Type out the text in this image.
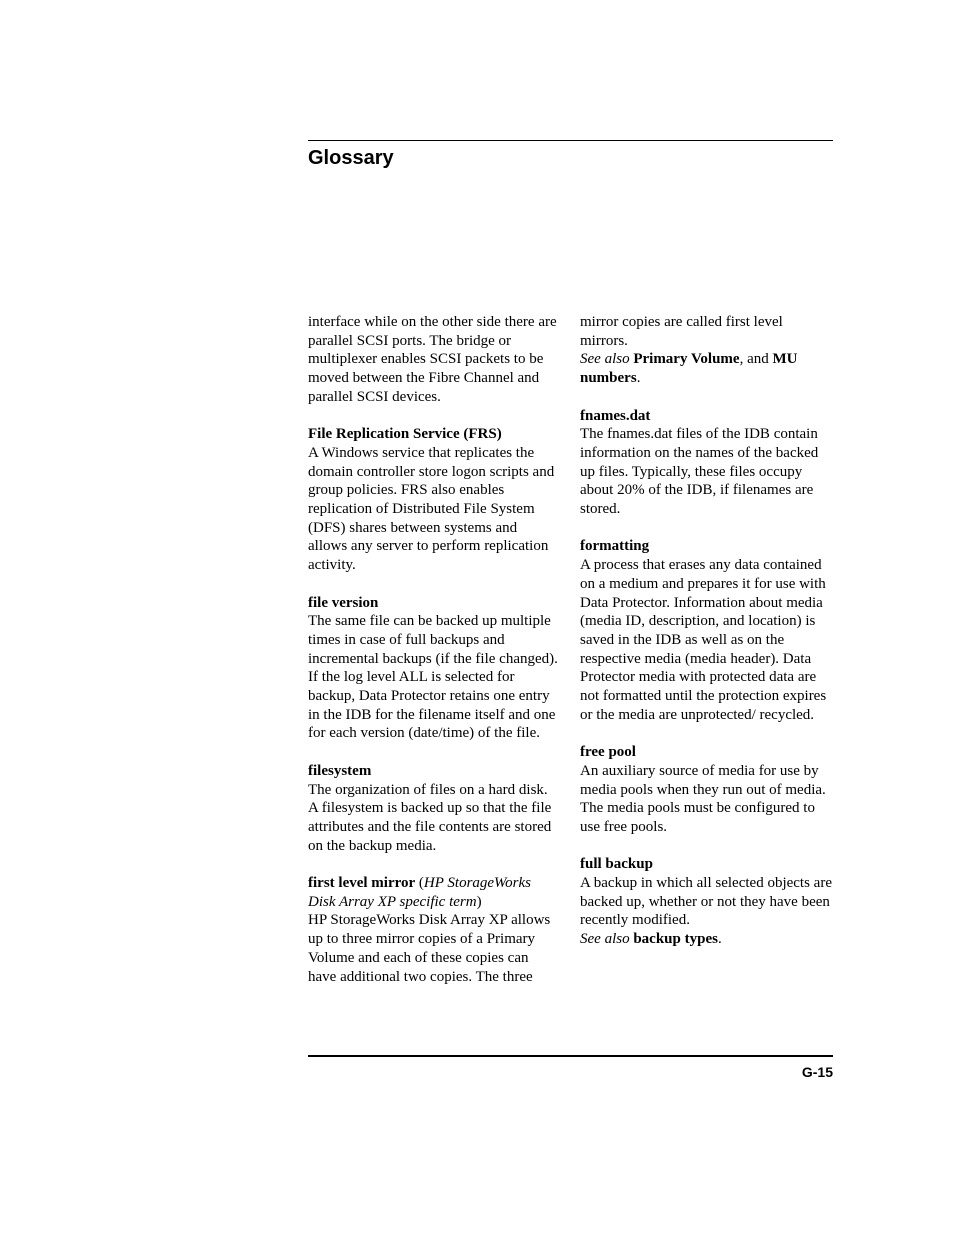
Glossary

interface while on the other side there are parallel SCSI ports. The bridge or multiplexer enables SCSI packets to be moved between the Fibre Channel and parallel SCSI devices.

File Replication Service (FRS)

A Windows service that replicates the domain controller store logon scripts and group policies. FRS also enables replication of Distributed File System (DFS) shares between systems and allows any server to perform replication activity.

file version

The same file can be backed up multiple times in case of full backups and incremental backups (if the file changed). If the log level ALL is selected for backup, Data Protector retains one entry in the IDB for the filename itself and one for each version (date/time) of the file.

filesystem

The organization of files on a hard disk. A filesystem is backed up so that the file attributes and the file contents are stored on the backup media.

first level mirror (HP StorageWorks Disk Array XP specific term)

HP StorageWorks Disk Array XP allows up to three mirror copies of a Primary Volume and each of these copies can have additional two copies. The three

mirror copies are called first level mirrors.

See also Primary Volume, and MU numbers.

fnames.dat

The fnames.dat files of the IDB contain information on the names of the backed up files. Typically, these files occupy about 20% of the IDB, if filenames are stored.

formatting

A process that erases any data contained on a medium and prepares it for use with Data Protector. Information about media (media ID, description, and location) is saved in the IDB as well as on the respective media (media header). Data Protector media with protected data are not formatted until the protection expires or the media are unprotected/ recycled.

free pool

An auxiliary source of media for use by media pools when they run out of media. The media pools must be configured to use free pools.

full backup

A backup in which all selected objects are backed up, whether or not they have been recently modified.

See also backup types.

G-15
